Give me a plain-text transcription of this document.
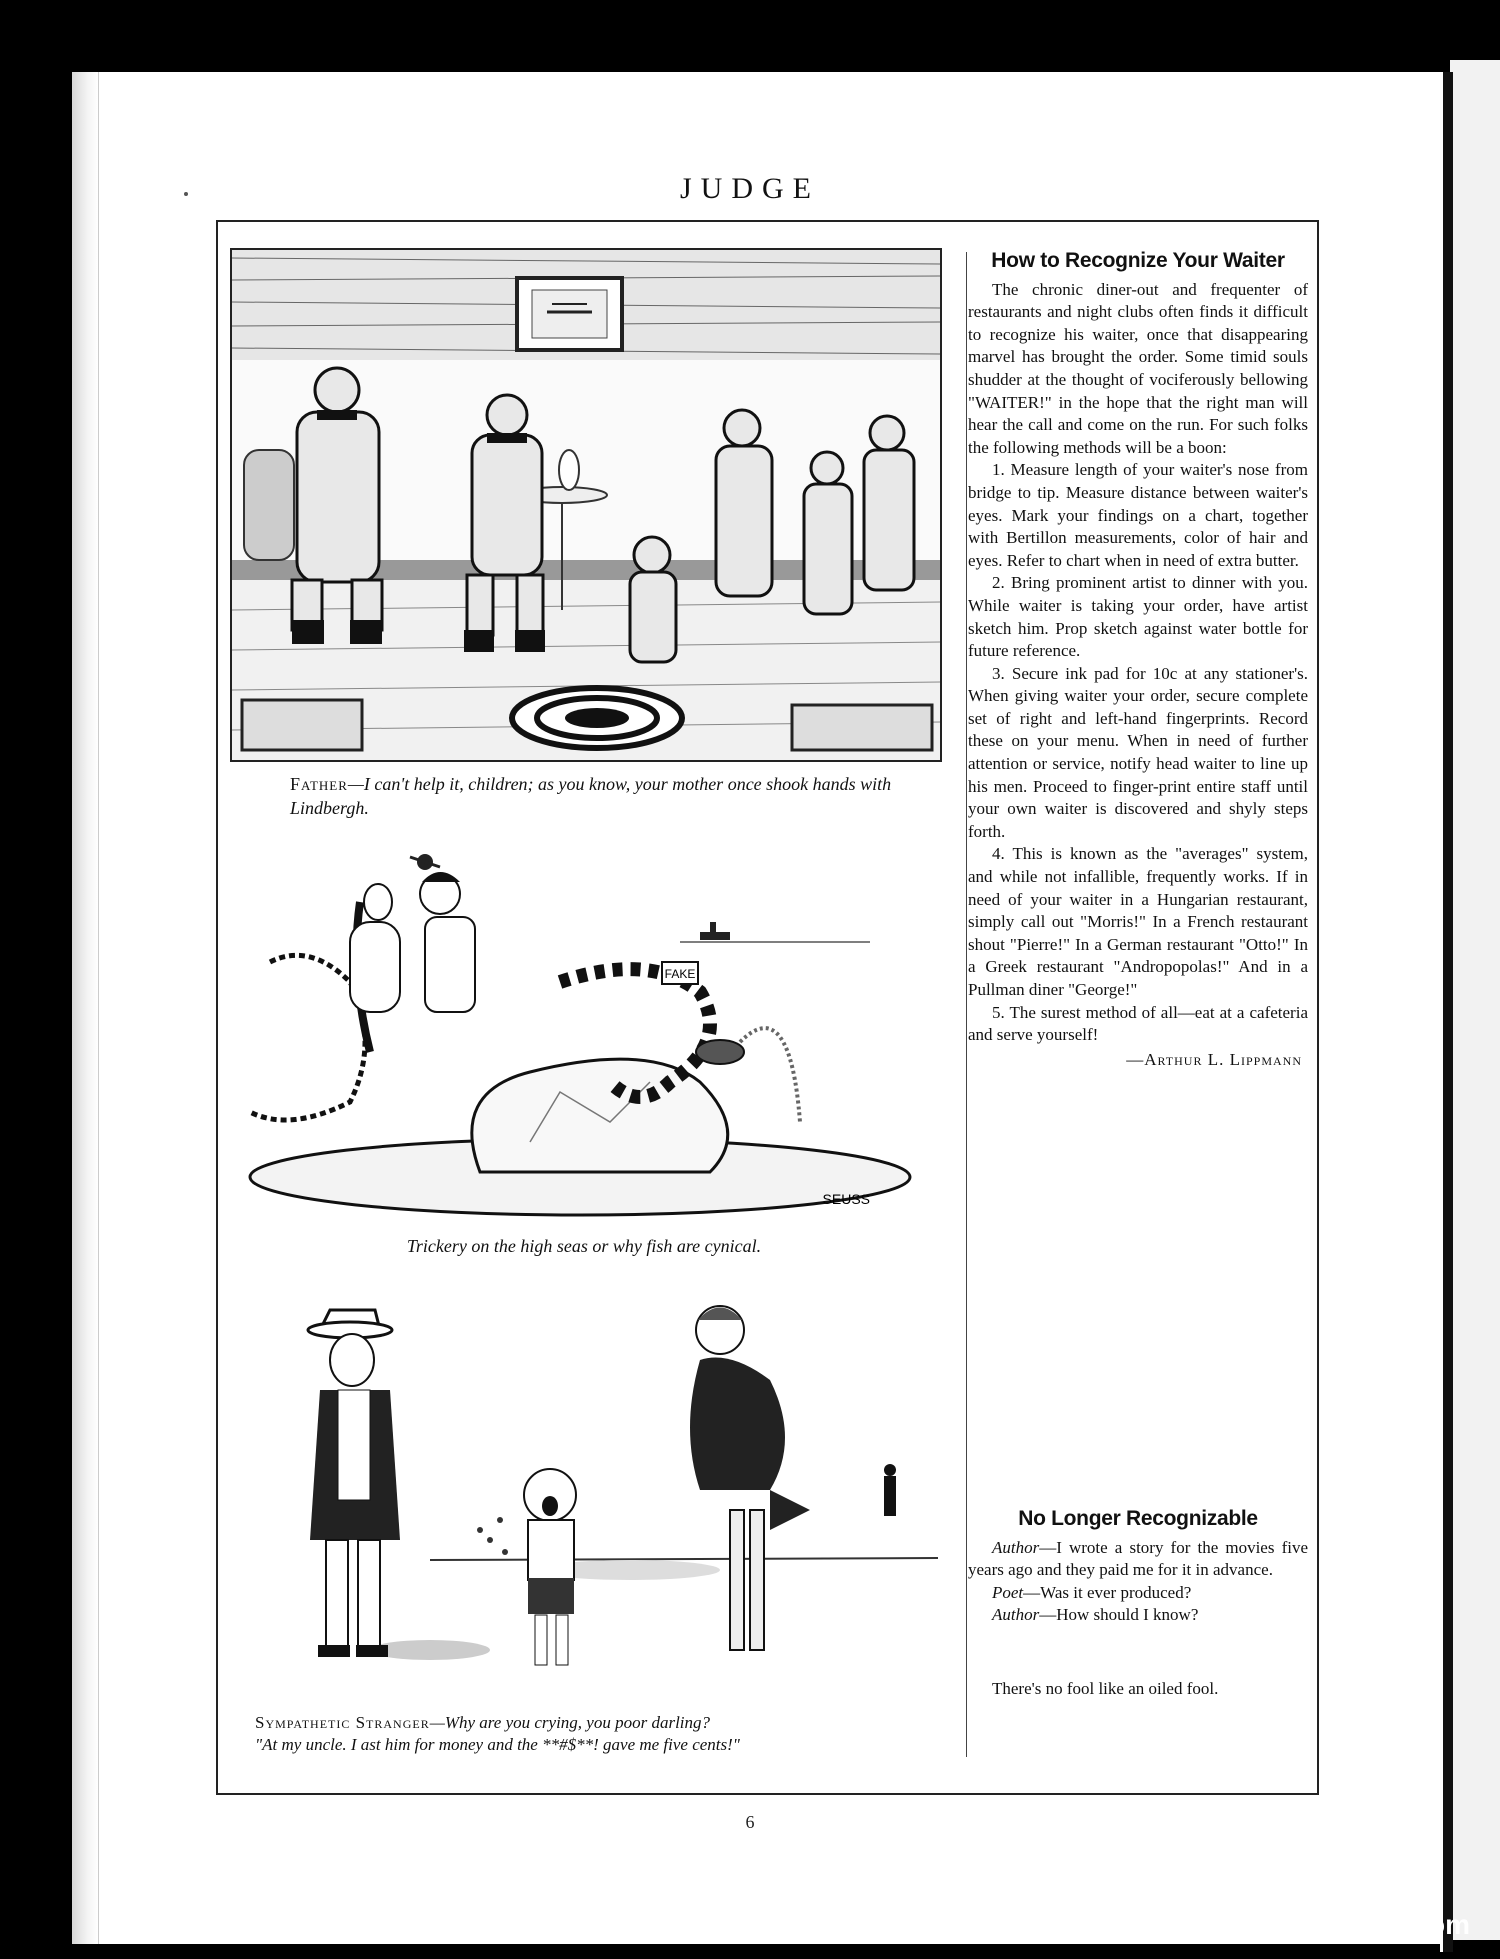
JUDGE
Father—I can't help it, children; as you know, your mother once shook hands with Lindbergh.
FAKE
SEUSS
Trickery on the high seas or why fish are cynical.
Sympathetic Stranger—Why are you crying, you poor darling?
"At my uncle. I ast him for money and the **#$**! gave me five cents!"
How to Recognize Your Waiter

The chronic diner-out and frequenter of restaurants and night clubs often finds it difficult to recognize his waiter, once that disappearing marvel has brought the order. Some timid souls shudder at the thought of vociferously bellowing "WAITER!" in the hope that the right man will hear the call and come on the run. For such folks the following methods will be a boon:

1. Measure length of your waiter's nose from bridge to tip. Measure distance between waiter's eyes. Mark your findings on a chart, together with Bertillon measurements, color of hair and eyes. Refer to chart when in need of extra butter.

2. Bring prominent artist to dinner with you. While waiter is taking your order, have artist sketch him. Prop sketch against water bottle for future reference.

3. Secure ink pad for 10c at any stationer's. When giving waiter your order, secure complete set of right and left-hand fingerprints. Record these on your menu. When in need of further attention or service, notify head waiter to line up his men. Proceed to finger-print entire staff until your own waiter is discovered and shyly steps forth.

4. This is known as the "averages" system, and while not infallible, frequently works. If in need of your waiter in a Hungarian restaurant, simply call out "Morris!" In a French restaurant shout "Pierre!" In a German restaurant "Otto!" In a Greek restaurant "Andropopolas!" And in a Pullman diner "George!"

5. The surest method of all—eat at a cafeteria and serve yourself!

—Arthur L. Lippmann
No Longer Recognizable

Author—I wrote a story for the movies five years ago and they paid me for it in advance.

Poet—Was it ever produced?

Author—How should I know?

There's no fool like an oiled fool.

6
comicbooks.com
